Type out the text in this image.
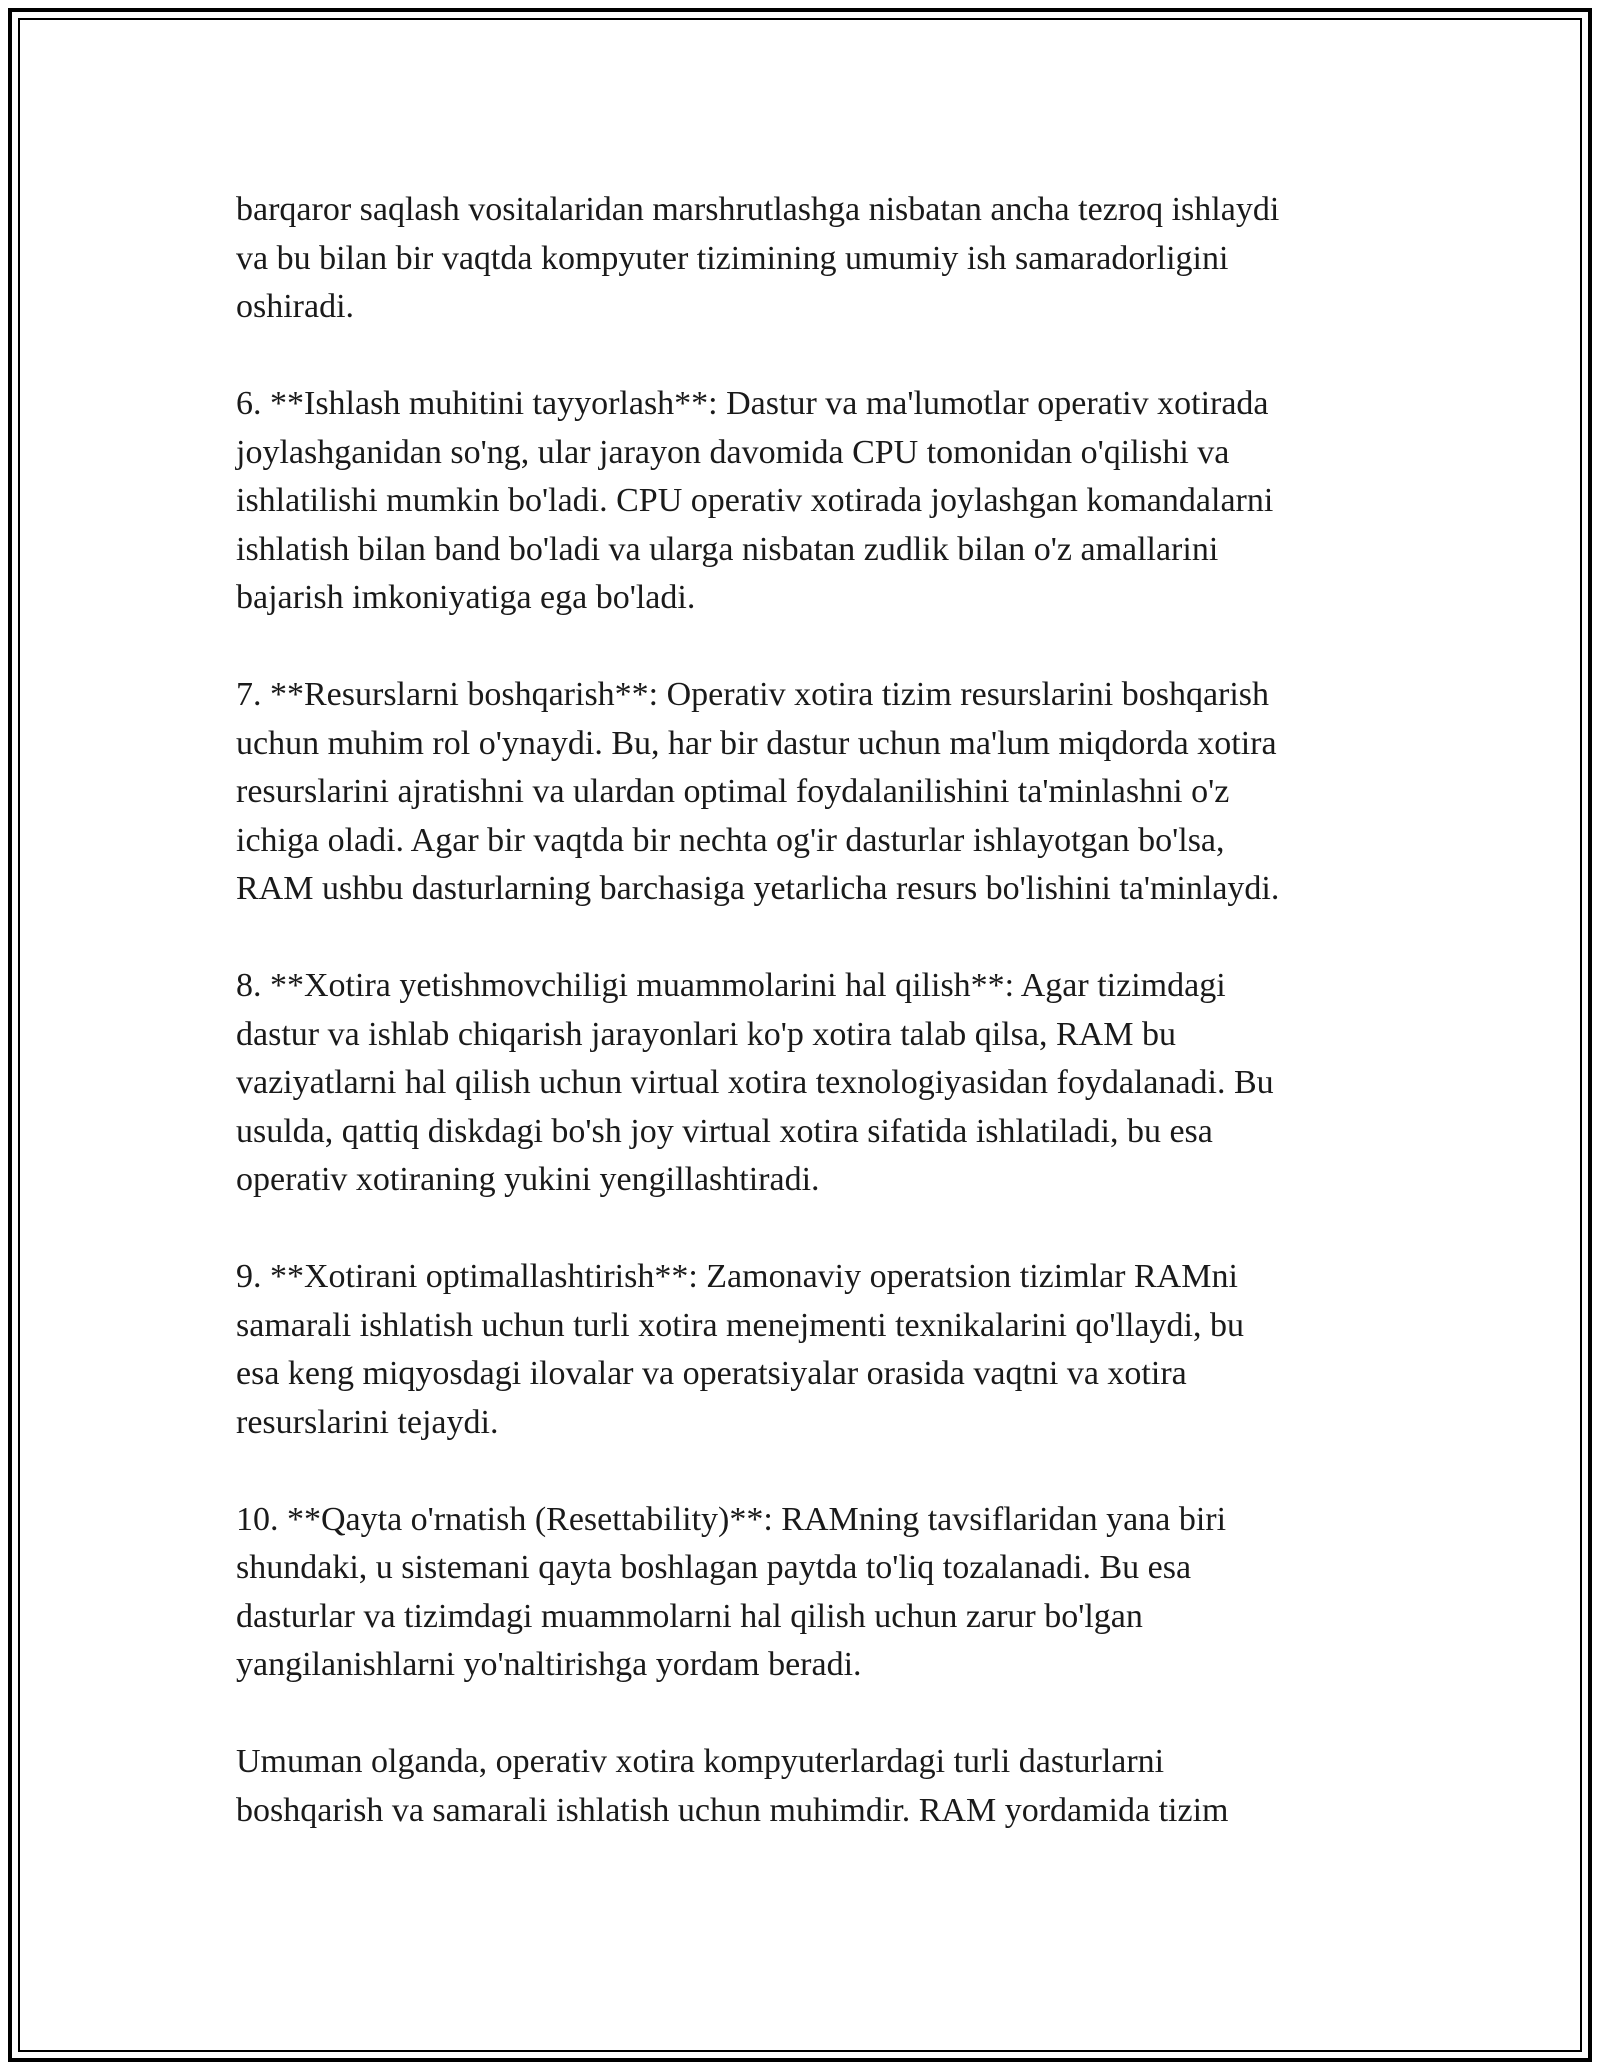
barqaror saqlash vositalaridan marshrutlashga nisbatan ancha tezroq ishlaydi
va bu bilan bir vaqtda kompyuter tizimining umumiy ish samaradorligini
oshiradi.

6. **Ishlash muhitini tayyorlash**: Dastur va ma'lumotlar operativ xotirada
joylashganidan so'ng, ular jarayon davomida CPU tomonidan o'qilishi va
ishlatilishi mumkin bo'ladi. CPU operativ xotirada joylashgan komandalarni
ishlatish bilan band bo'ladi va ularga nisbatan zudlik bilan o'z amallarini
bajarish imkoniyatiga ega bo'ladi.

7. **Resurslarni boshqarish**: Operativ xotira tizim resurslarini boshqarish
uchun muhim rol o'ynaydi. Bu, har bir dastur uchun ma'lum miqdorda xotira
resurslarini ajratishni va ulardan optimal foydalanilishini ta'minlashni o'z
ichiga oladi. Agar bir vaqtda bir nechta og'ir dasturlar ishlayotgan bo'lsa,
RAM ushbu dasturlarning barchasiga yetarlicha resurs bo'lishini ta'minlaydi.

8. **Xotira yetishmovchiligi muammolarini hal qilish**: Agar tizimdagi
dastur va ishlab chiqarish jarayonlari ko'p xotira talab qilsa, RAM bu
vaziyatlarni hal qilish uchun virtual xotira texnologiyasidan foydalanadi. Bu
usulda, qattiq diskdagi bo'sh joy virtual xotira sifatida ishlatiladi, bu esa
operativ xotiraning yukini yengillashtiradi.

9. **Xotirani optimallashtirish**: Zamonaviy operatsion tizimlar RAMni
samarali ishlatish uchun turli xotira menejmenti texnikalarini qo'llaydi, bu
esa keng miqyosdagi ilovalar va operatsiyalar orasida vaqtni va xotira
resurslarini tejaydi.

10. **Qayta o'rnatish (Resettability)**: RAMning tavsiflaridan yana biri
shundaki, u sistemani qayta boshlagan paytda to'liq tozalanadi. Bu esa
dasturlar va tizimdagi muammolarni hal qilish uchun zarur bo'lgan
yangilanishlarni yo'naltirishga yordam beradi.

Umuman olganda, operativ xotira kompyuterlardagi turli dasturlarni
boshqarish va samarali ishlatish uchun muhimdir. RAM yordamida tizim
